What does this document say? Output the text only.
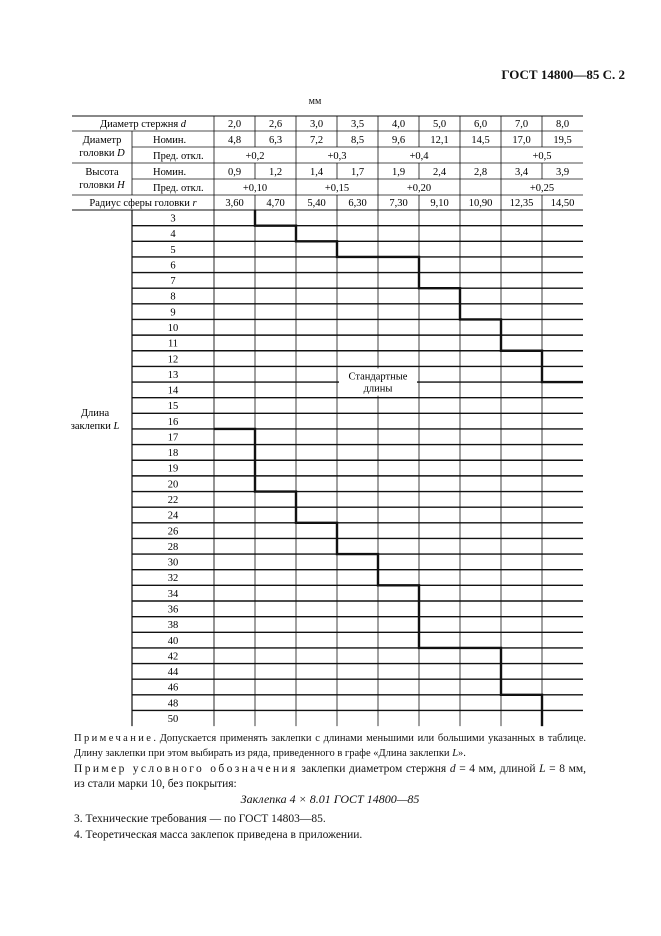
ГОСТ 14800—85 С. 2
мм
Диаметр стержня d	2,0	2,6	3,0	3,5	4,0	5,0	6,0	7,0	8,0
Диаметр
головки D
Номин.	4,8	6,3	7,2	8,5	9,6 12,1 14,5 17,0 19,5
Пред. откл.	+0,2	+0,3	+0,4	+0,5
Высота
головки H
Номин.	0,9	1,2	1,4	1,7	1,9	2,4	2,8	3,4	3,9
Пред. откл.	+0,10	+0,15	+0,20	+0,25
Радиус сферы головки r	3,60 4,70 5,40 6,30 7,30 9,10 10,90 12,35 14,50
3
4
5
6
7
8
9
10
11
12
13
14
15
16
17
18
19
20
22
24
26
28
30
32
34
36
38
40
42
44
46
48
50
Длина
заклепки L
Стандартные
длины
Примечание. Допускается применять заклепки с длинами меньшими или большими указанных в таблице. Длину заклепки при этом выбирать из ряда, приведенного в графе «Длина заклепки L».
Пример условного обозначения заклепки диаметром стержня d = 4 мм, длиной L = 8 мм, из стали марки 10, без покрытия:
Заклепка 4 × 8.01 ГОСТ 14800—85
3. Технические требования — по ГОСТ 14803—85.
4. Теоретическая масса заклепок приведена в приложении.
